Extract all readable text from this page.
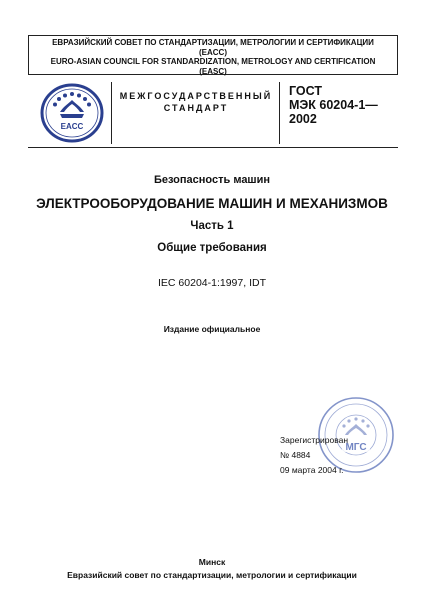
ЕВРАЗИЙСКИЙ СОВЕТ ПО СТАНДАРТИЗАЦИИ, МЕТРОЛОГИИ И СЕРТИФИКАЦИИ
(EACC)
EURO-ASIAN COUNCIL FOR STANDARDIZATION, METROLOGY AND CERTIFICATION
(EASC)
EACC
МЕЖГОСУДАРСТВЕННЫЙ
СТАНДАРТ
ГОСТ
МЭК 60204-1—
2002
Безопасность машин
ЭЛЕКТРООБОРУДОВАНИЕ МАШИН И МЕХАНИЗМОВ
Часть 1
Общие требования
IEC 60204-1:1997, IDT
Издание официальное
МГС
Зарегистрирован
№ 4884
09 марта 2004 г.
Минск
Евразийский совет по стандартизации, метрологии и сертификации
